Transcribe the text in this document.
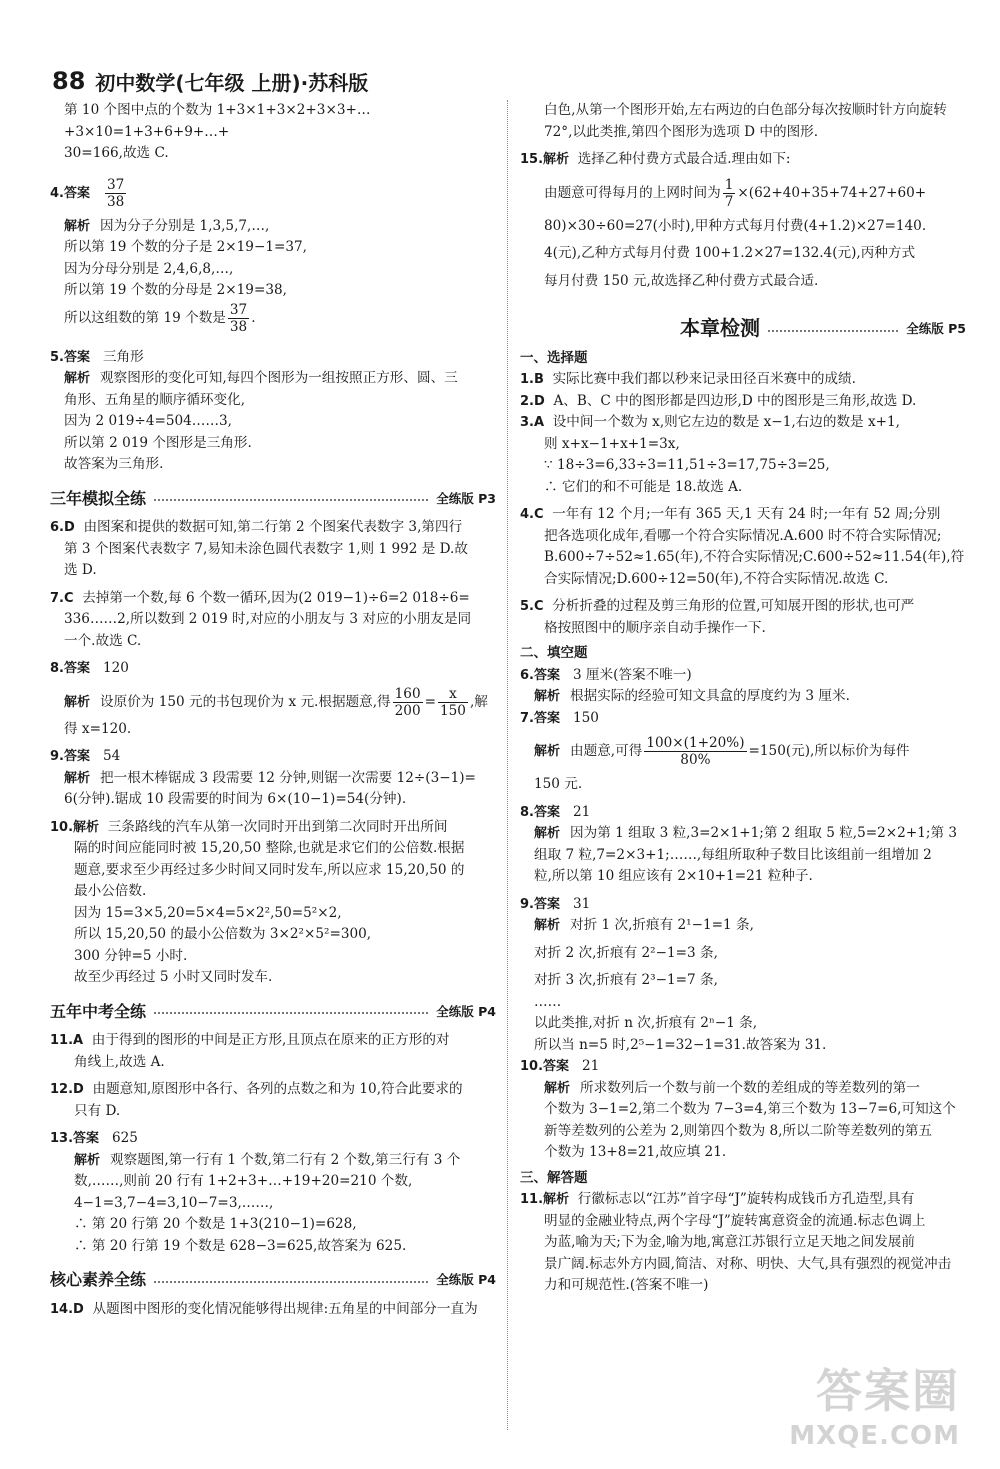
88 初中数学(七年级 上册)·苏科版

第 10 个图中点的个数为 1+3×1+3×2+3×3+…+3×10=1+3+6+9+…+

30=166,故选 C.

4.答案 $\frac{37}{38}$

解析 因为分子分别是 1,3,5,7,…,

所以第 19 个数的分子是 2×19−1=37,

因为分母分别是 2,4,6,8,…,

所以第 19 个数的分母是 2×19=38,

所以这组数的第 19 个数是 $\frac{37}{38}$ .

5.答案 三角形

解析 观察图形的变化可知,每四个图形为一组按照正方形、圆、三

角形、五角星的顺序循环变化,

因为 2 019÷4=504……3,

所以第 2 019 个图形是三角形.

故答案为三角形.

三年模拟全练	全练版 P3

6.D 由图案和提供的数据可知,第二行第 2 个图案代表数字 3,第四行

第 3 个图案代表数字 7,易知未涂色圆代表数字 1,则 1 992 是 D.故

选 D.

7.C 去掉第一个数,每 6 个数一循环,因为(2 019−1)÷6=2 018÷6=

336……2,所以数到 2 019 时,对应的小朋友与 3 对应的小朋友是同

一个.故选 C.

8.答案 120

解析 设原价为 150 元的书包现价为 x 元.根据题意,得 $\frac{160}{200} = \frac{x}{150}$ ,解

得 x=120.

9.答案 54

解析 把一根木棒锯成 3 段需要 12 分钟,则锯一次需要 12÷(3−1)=

6(分钟).锯成 10 段需要的时间为 6×(10−1)=54(分钟).

10.解析 三条路线的汽车从第一次同时开出到第二次同时开出所间

隔的时间应能同时被 15,20,50 整除,也就是求它们的公倍数.根据

题意,要求至少再经过多少时间又同时发车,所以应求 15,20,50 的

最小公倍数.

因为 15=3×5,20=5×4=5×2²,50=5²×2,

所以 15,20,50 的最小公倍数为 3×2²×5²=300,

300 分钟=5 小时.

故至少再经过 5 小时又同时发车.

五年中考全练	全练版 P4

11.A 由于得到的图形的中间是正方形,且顶点在原来的正方形的对

角线上,故选 A.

12.D 由题意知,原图形中各行、各列的点数之和为 10,符合此要求的

只有 D.

13.答案 625

解析 观察题图,第一行有 1 个数,第二行有 2 个数,第三行有 3 个

数,……,则前 20 行有 1+2+3+…+19+20=210 个数,

4−1=3,7−4=3,10−7=3,……,

∴ 第 20 行第 20 个数是 1+3(210−1)=628,

∴ 第 20 行第 19 个数是 628−3=625,故答案为 625.

核心素养全练	全练版 P4

14.D 从题图中图形的变化情况能够得出规律:五角星的中间部分一直为

白色,从第一个图形开始,左右两边的白色部分每次按顺时针方向旋转

72°,以此类推,第四个图形为选项 D 中的图形.

15.解析 选择乙种付费方式最合适.理由如下:

由题意可得每月的上网时间为 $\frac{1}{7} \times(62+40+35+74+27+60+$

80)×30÷60=27(小时),甲种方式每月付费(4+1.2)×27=140.

4(元),乙种方式每月付费 100+1.2×27=132.4(元),丙种方式

每月付费 150 元,故选择乙种付费方式最合适.

本章检测	全练版 P5

一、选择题

1.B 实际比赛中我们都以秒来记录田径百米赛中的成绩.

2.D A、B、C 中的图形都是四边形,D 中的图形是三角形,故选 D.

3.A 设中间一个数为 x,则它左边的数是 x−1,右边的数是 x+1,

则 x+x−1+x+1=3x,

∵ 18÷3=6,33÷3=11,51÷3=17,75÷3=25,

∴ 它们的和不可能是 18.故选 A.

4.C 一年有 12 个月;一年有 365 天,1 天有 24 时;一年有 52 周;分别

把各选项化成年,看哪一个符合实际情况.A.600 时不符合实际情况;

B.600÷7÷52≈1.65(年),不符合实际情况;C.600÷52≈11.54(年),符

合实际情况;D.600÷12=50(年),不符合实际情况.故选 C.

5.C 分析折叠的过程及剪三角形的位置,可知展开图的形状,也可严

格按照图中的顺序亲自动手操作一下.

二、填空题

6.答案 3 厘米(答案不唯一)

解析 根据实际的经验可知文具盒的厚度约为 3 厘米.

7.答案 150

解析 由题意,可得 $\frac{100\times(1+20\%)}{80\%} =150$(元),所以标价为每件

150 元.

8.答案 21

解析 因为第 1 组取 3 粒,3=2×1+1;第 2 组取 5 粒,5=2×2+1;第 3

组取 7 粒,7=2×3+1;……,每组所取种子数目比该组前一组增加 2

粒,所以第 10 组应该有 2×10+1=21 粒种子.

9.答案 31

解析 对折 1 次,折痕有 2¹−1=1 条,

对折 2 次,折痕有 2²−1=3 条,

对折 3 次,折痕有 2³−1=7 条,

……

以此类推,对折 n 次,折痕有 2ⁿ−1 条,

所以当 n=5 时,2⁵−1=32−1=31.故答案为 31.

10.答案 21

解析 所求数列后一个数与前一个数的差组成的等差数列的第一

个数为 3−1=2,第二个数为 7−3=4,第三个数为 13−7=6,可知这个

新等差数列的公差为 2,则第四个数为 8,所以二阶等差数列的第五

个数为 13+8=21,故应填 21.

三、解答题

11.解析 行徽标志以“江苏”首字母“J”旋转构成钱币方孔造型,具有

明显的金融业特点,两个字母“J”旋转寓意资金的流通.标志色调上

为蓝,喻为天;下为金,喻为地,寓意江苏银行立足天地之间发展前

景广阔.标志外方内圆,简洁、对称、明快、大气,具有强烈的视觉冲击

力和可规范性.(答案不唯一)

答案圈
MXQE.COM
